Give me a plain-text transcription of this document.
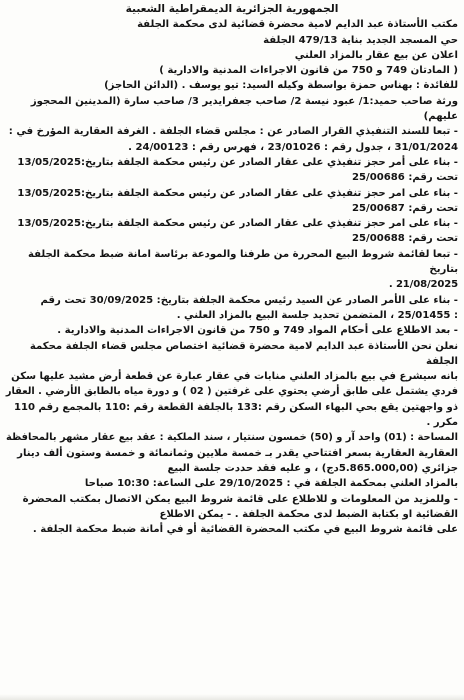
الجمهورية الجزائرية الديمقراطية الشعبية
مكتب الأستاذة عبد الدايم لامية محضرة قضائية لدى محكمة الجلفة
حي المسجد الجديد بناية 479/13 الجلفة
اعلان عن بيع عقار بالمزاد العلني
( المادتان 749 و 750 من قانون الاجراءات المدنية والادارية )
للفائدة : بهناس حمزة بواسطة وكيله السيد: تيو يوسف . (الدائن الحاجز)
ورثة صاحب حميد:1/ عبود نيسة 2/ صاحب جعفرايدير 3/ صاحب سارة (المدينين المحجوز
عليهم)
- تبعا للسند التنفيذي القرار الصادر عن : مجلس قضاء الجلفة . الغرفة العقارية المؤرخ في :
31/01/2024 ، جدول رقم : 23/01026 ، فهرس رقم : 24/00123 .
- بناء على أمر حجز تنفيذي على عقار الصادر عن رئيس محكمة الجلفة بتاريخ:13/05/2025
تحت رقم: 25/00686
- بناء على امر حجز تنفيذي على عقار الصادر عن رئيس محكمة الجلفة بتاريخ:13/05/2025
تحت رقم: 25/00687
- بناء على امر حجز تنفيذي على عقار الصادر عن رئيس محكمة الجلفة بتاريخ:13/05/2025
تحت رقم: 25/00688
- تبعا لقائمة شروط البيع المحررة من طرفنا والمودعة برئاسة امانة ضبط محكمة الجلفة
بتاريخ
21/08/2025 .
- بناء على الأمر الصادر عن السيد رئيس محكمة الجلفة بتاريخ: 30/09/2025 تحت رقم
: 25/01455 ، المتضمن تحديد جلسة البيع بالمزاد العلني .
- بعد الاطلاع على أحكام المواد 749 و 750 من قانون الاجراءات المدنية والادارية .
نعلن نحن الأستاذة عبد الدايم لامية محضرة قضائية اختصاص مجلس قضاء الجلفة محكمة
الجلفة
بانه سيشرع في بيع بالمزاد العلني منابات في عقار عبارة عن قطعة أرض مشيد عليها سكن
فردي يشتمل على طابق أرضي يحتوي على غرفتين ( 02 ) و دورة مياه بالطابق الأرضي . العقار
ذو واجهتين يقع بحي البهاء السكن رقم :133 بالجلفة القطعة رقم :110 بالمجمع رقم 110
مكرر .
المساحة : (01) واحد آر و (50) خمسون سنتيار ، سند الملكية : عقد بيع عقار مشهر بالمحافظة
العقارية العقارية بسعر افتتاحي يقدر بـ خمسة ملايين وثمانمائة و خمسة وستون ألف دينار
جزائري (5.865.000,00دج) ، و عليه فقد حددت جلسة البيع
بالمزاد العلني بمحكمة الجلفة في : 29/10/2025 على الساعة: 10:30 صباحا
- وللمزيد من المعلومات و للاطلاع على قائمة شروط البيع يمكن الاتصال بمكتب المحضرة
القضائية او بكتابة الضبط لدى محكمة الجلفة . - يمكن الاطلاع
على قائمة شروط البيع في مكتب المحضرة القضائية أو في أمانة ضبط محكمة الجلفة .
